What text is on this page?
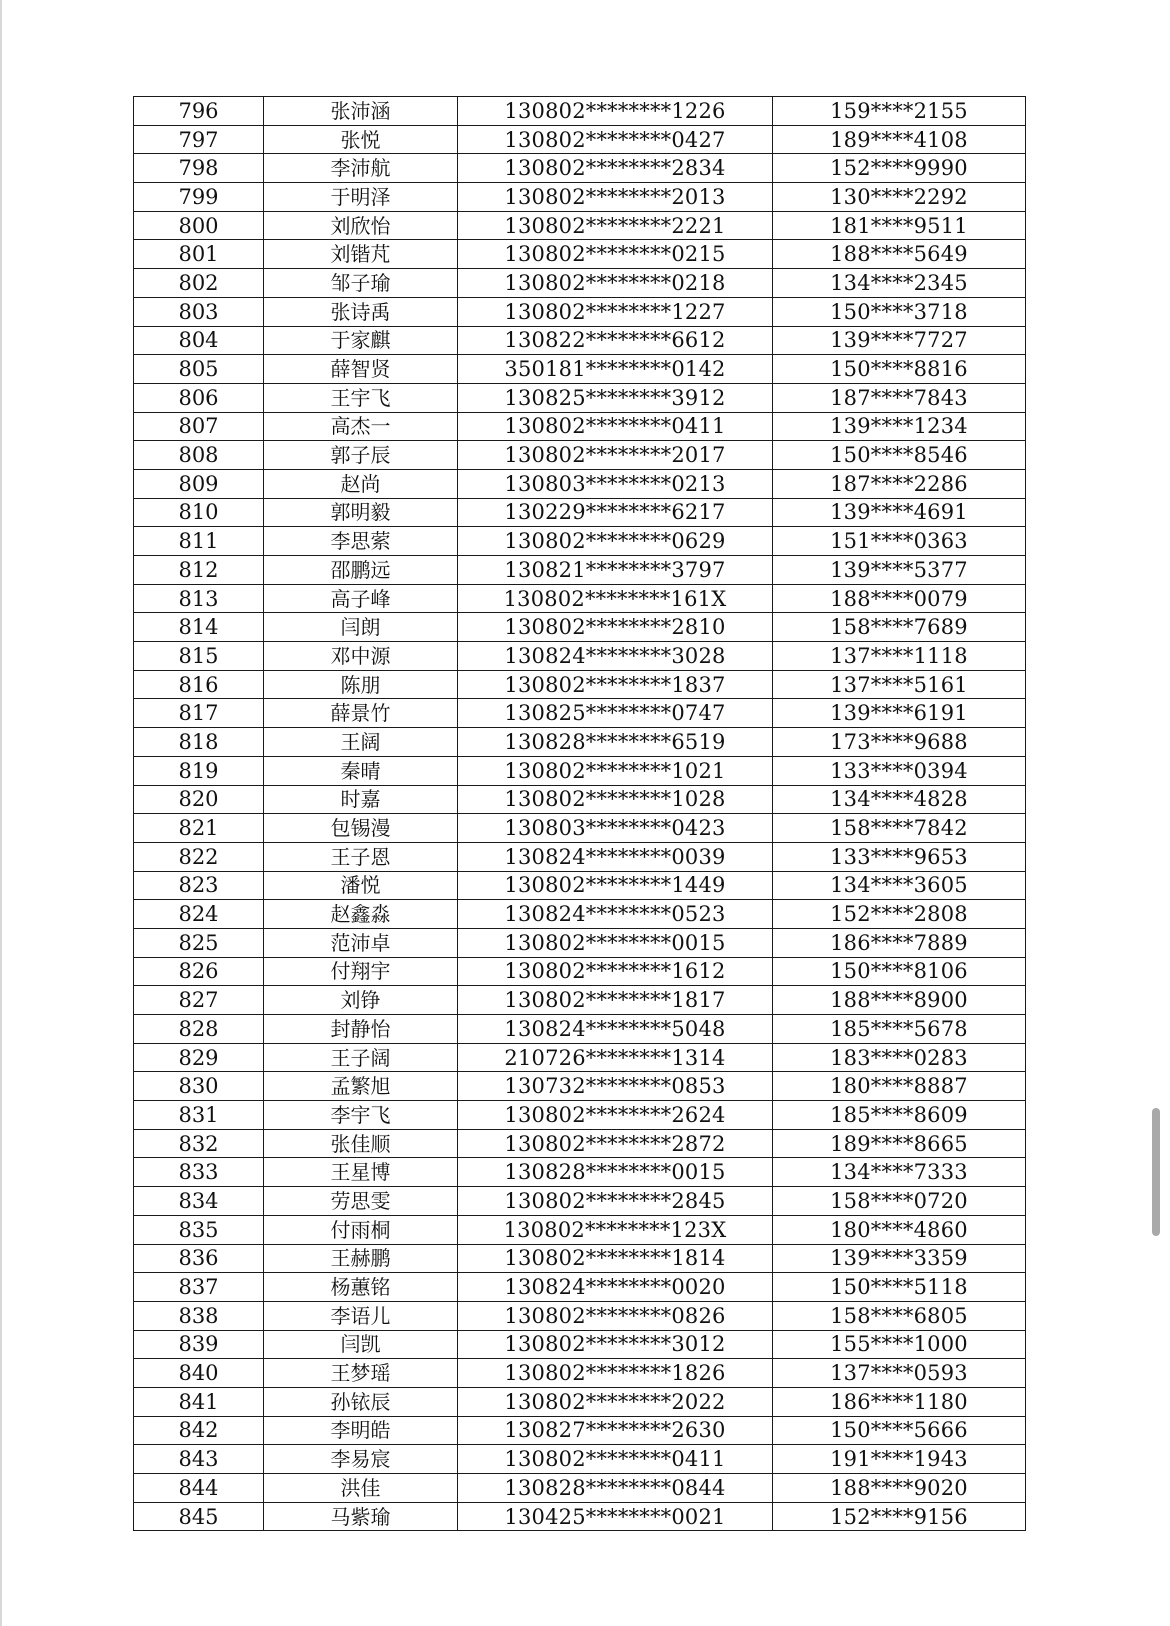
796	张沛涵	130802********1226	159****2155
797	张悦	130802********0427	189****4108
798	李沛航	130802********2834	152****9990
799	于明泽	130802********2013	130****2292
800	刘欣怡	130802********2221	181****9511
801	刘锴芃	130802********0215	188****5649
802	邹子瑜	130802********0218	134****2345
803	张诗禹	130802********1227	150****3718
804	于家麒	130822********6612	139****7727
805	薛智贤	350181********0142	150****8816
806	王宇飞	130825********3912	187****7843
807	高杰一	130802********0411	139****1234
808	郭子辰	130802********2017	150****8546
809	赵尚	130803********0213	187****2286
810	郭明毅	130229********6217	139****4691
811	李思萦	130802********0629	151****0363
812	邵鹏远	130821********3797	139****5377
813	高子峰	130802********161X	188****0079
814	闫朗	130802********2810	158****7689
815	邓中源	130824********3028	137****1118
816	陈朋	130802********1837	137****5161
817	薛景竹	130825********0747	139****6191
818	王阔	130828********6519	173****9688
819	秦晴	130802********1021	133****0394
820	时嘉	130802********1028	134****4828
821	包锡漫	130803********0423	158****7842
822	王子恩	130824********0039	133****9653
823	潘悦	130802********1449	134****3605
824	赵鑫淼	130824********0523	152****2808
825	范沛卓	130802********0015	186****7889
826	付翔宇	130802********1612	150****8106
827	刘铮	130802********1817	188****8900
828	封静怡	130824********5048	185****5678
829	王子阔	210726********1314	183****0283
830	孟繁旭	130732********0853	180****8887
831	李宇飞	130802********2624	185****8609
832	张佳顺	130802********2872	189****8665
833	王星博	130828********0015	134****7333
834	劳思雯	130802********2845	158****0720
835	付雨桐	130802********123X	180****4860
836	王赫鹏	130802********1814	139****3359
837	杨蕙铭	130824********0020	150****5118
838	李语儿	130802********0826	158****6805
839	闫凯	130802********3012	155****1000
840	王梦瑶	130802********1826	137****0593
841	孙铱辰	130802********2022	186****1180
842	李明皓	130827********2630	150****5666
843	李易宸	130802********0411	191****1943
844	洪佳	130828********0844	188****9020
845	马紫瑜	130425********0021	152****9156
